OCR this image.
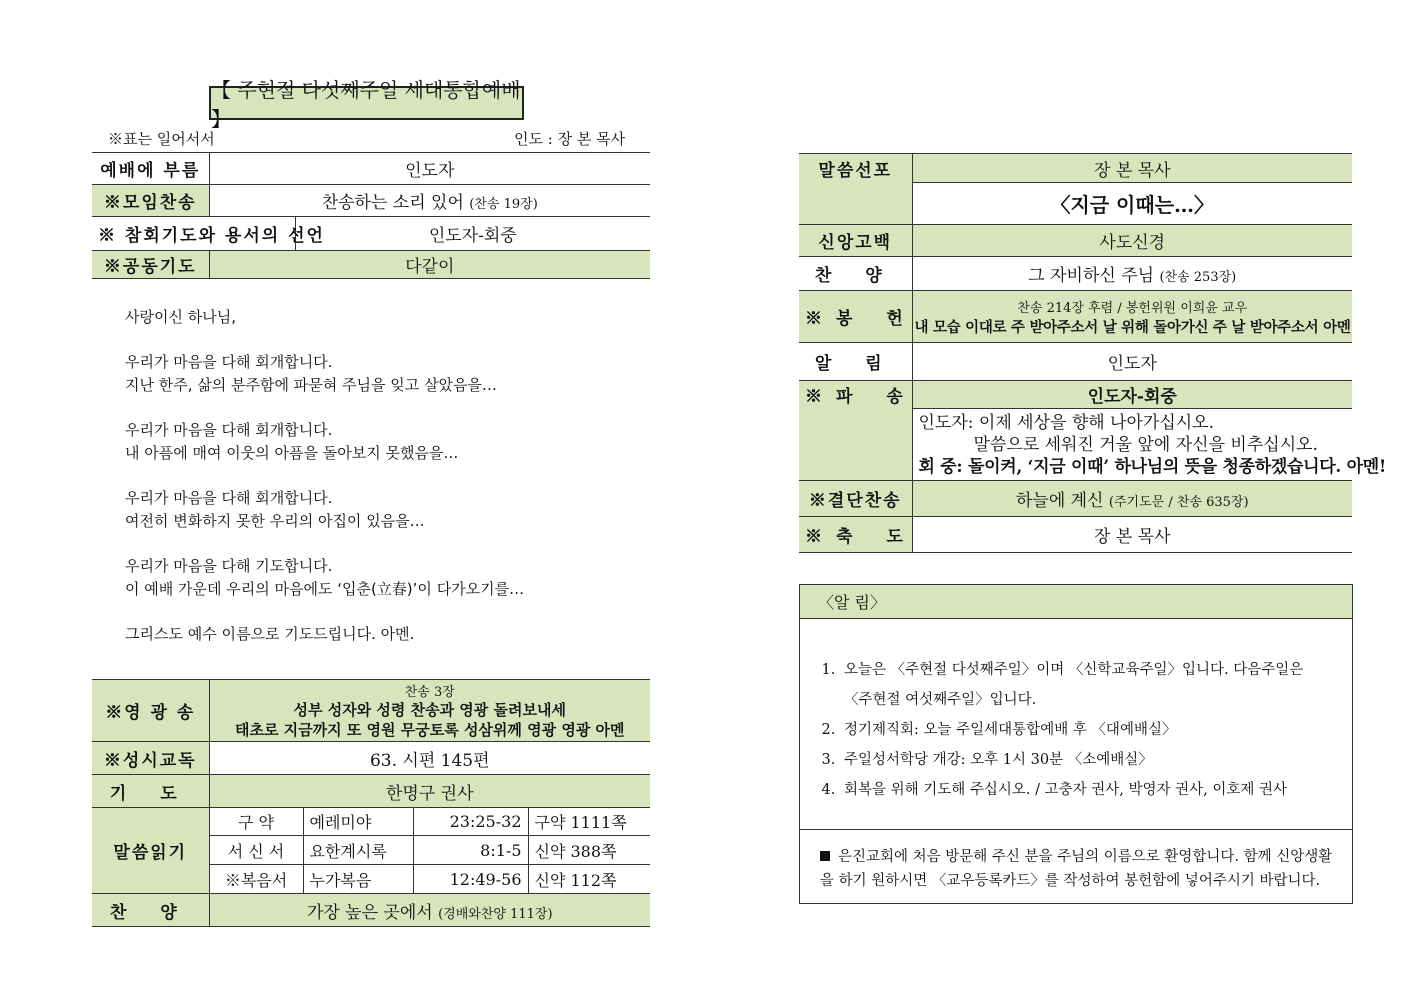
【 주현절 다섯째주일 세대통합예배 】
※표는 일어서서	인도 : 장 본 목사
예배에 부름	인도자	
※모임찬송	찬송하는 소리 있어 (찬송 19장)	
※ 참회기도와 용서의 선언		인도자-회중
※공동기도	다같이	

사랑이신 하나님,

우리가 마음을 다해 회개합니다.
지난 한주, 삶의 분주함에 파묻혀 주님을 잊고 살았음을…

우리가 마음을 다해 회개합니다.
내 아픔에 매여 이웃의 아픔을 돌아보지 못했음을…

우리가 마음을 다해 회개합니다.
여전히 변화하지 못한 우리의 아집이 있음을…

우리가 마음을 다해 기도합니다.
이 예배 가운데 우리의 마음에도 ‘입춘(立春)’이 다가오기를…

그리스도 예수 이름으로 기도드립니다. 아멘.

※영 광 송	찬송 3장
성부 성자와 성령 찬송과 영광 돌려보내세
태초로 지금까지 또 영원 무궁토록 성삼위께 영광 영광 아멘			

※성시교독	63. 시편 145편			
기 도	한명구 권사			
말씀읽기	구 약	예레미야	23:25-32	구약 1111쪽
	서 신 서	요한계시록	8:1-5	신약 388쪽
	※복음서	누가복음	12:49-56	신약 112쪽
찬 양	가장 높은 곳에서 (경배와찬양 111장)			
말씀선포	장 본 목사
	〈지금 이때는…〉
신앙고백	사도신경
찬 양	그 자비하신 주님 (찬송 253장)
※봉 헌	찬송 214장 후렴 / 봉헌위원 이희윤 교우
내 모습 이대로 주 받아주소서 날 위해 돌아가신 주 날 받아주소서 아멘

알 림	인도자
※파 송	인도자-회중

	인도자: 이제 세상을 향해 나아가십시오.
말씀으로 세워진 거울 앞에 자신을 비추십시오.
회 중: 돌이켜, ‘지금 이때’ 하나님의 뜻을 청종하겠습니다. 아멘!

※결단찬송	하늘에 계신 (주기도문 / 찬송 635장)
※축 도	장 본 목사
〈알 림〉
1. 오늘은 〈주현절 다섯째주일〉이며 〈신학교육주일〉입니다. 다음주일은 〈주현절 여섯째주일〉입니다.
2. 정기제직회: 오늘 주일세대통합예배 후 〈대예배실〉
3. 주일성서학당 개강: 오후 1시 30분 〈소예배실〉
4. 회복을 위해 기도해 주십시오. / 고충자 권사, 박영자 권사, 이호제 권사
은진교회에 처음 방문해 주신 분을 주님의 이름으로 환영합니다. 함께 신앙생활을 하기 원하시면 〈교우등록카드〉를 작성하여 봉헌함에 넣어주시기 바랍니다.
